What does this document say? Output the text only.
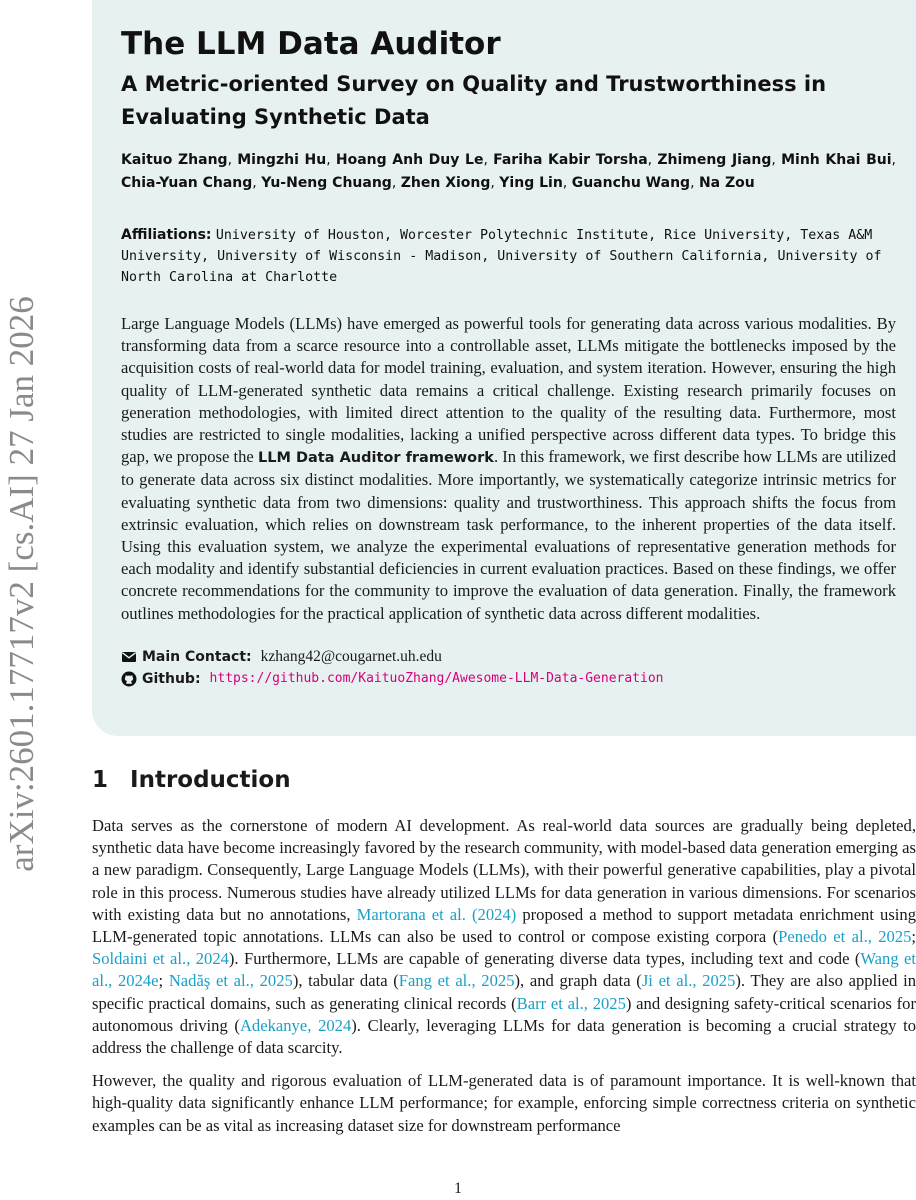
arXiv:2601.17717v2 [cs.AI] 27 Jan 2026
The LLM Data Auditor
A Metric-oriented Survey on Quality and Trustworthiness in Evaluating Synthetic Data
Kaituo Zhang, Mingzhi Hu, Hoang Anh Duy Le, Fariha Kabir Torsha, Zhimeng Jiang, Minh Khai Bui, Chia-Yuan Chang, Yu-Neng Chuang, Zhen Xiong, Ying Lin, Guanchu Wang, Na Zou
Affiliations: University of Houston, Worcester Polytechnic Institute, Rice University, Texas A&M University, University of Wisconsin - Madison, University of Southern California, University of North Carolina at Charlotte
Large Language Models (LLMs) have emerged as powerful tools for generating data across various modalities. By transforming data from a scarce resource into a controllable asset, LLMs mitigate the bottlenecks imposed by the acquisition costs of real-world data for model training, evaluation, and system iteration. However, ensuring the high quality of LLM-generated synthetic data remains a critical challenge. Existing research primarily focuses on generation methodologies, with limited direct attention to the quality of the resulting data. Furthermore, most studies are restricted to single modalities, lacking a unified perspective across different data types. To bridge this gap, we propose the LLM Data Auditor framework. In this framework, we first describe how LLMs are utilized to generate data across six distinct modalities. More importantly, we systematically categorize intrinsic metrics for evaluating synthetic data from two dimensions: quality and trustworthiness. This approach shifts the focus from extrinsic evaluation, which relies on downstream task performance, to the inherent properties of the data itself. Using this evaluation system, we analyze the experimental evaluations of representative generation methods for each modality and identify substantial deficiencies in current evaluation practices. Based on these findings, we offer concrete recommendations for the community to improve the evaluation of data generation. Finally, the framework outlines methodologies for the practical application of synthetic data across different modalities.
Main Contact: kzhang42@cougarnet.uh.edu
Github: https://github.com/KaituoZhang/Awesome-LLM-Data-Generation
1 Introduction

Data serves as the cornerstone of modern AI development. As real-world data sources are gradually being depleted, synthetic data have become increasingly favored by the research community, with model-based data generation emerging as a new paradigm. Consequently, Large Language Models (LLMs), with their powerful generative capabilities, play a pivotal role in this process. Numerous studies have already utilized LLMs for data generation in various dimensions. For scenarios with existing data but no annotations, Martorana et al. (2024) proposed a method to support metadata enrichment using LLM-generated topic annotations. LLMs can also be used to control or compose existing corpora (Penedo et al., 2025; Soldaini et al., 2024). Furthermore, LLMs are capable of generating diverse data types, including text and code (Wang et al., 2024e; Nadăş et al., 2025), tabular data (Fang et al., 2025), and graph data (Ji et al., 2025). They are also applied in specific practical domains, such as generating clinical records (Barr et al., 2025) and designing safety-critical scenarios for autonomous driving (Adekanye, 2024). Clearly, leveraging LLMs for data generation is becoming a crucial strategy to address the challenge of data scarcity.

However, the quality and rigorous evaluation of LLM-generated data is of paramount importance. It is well-known that high-quality data significantly enhance LLM performance; for example, enforcing simple correctness criteria on synthetic examples can be as vital as increasing dataset size for downstream performance

1
